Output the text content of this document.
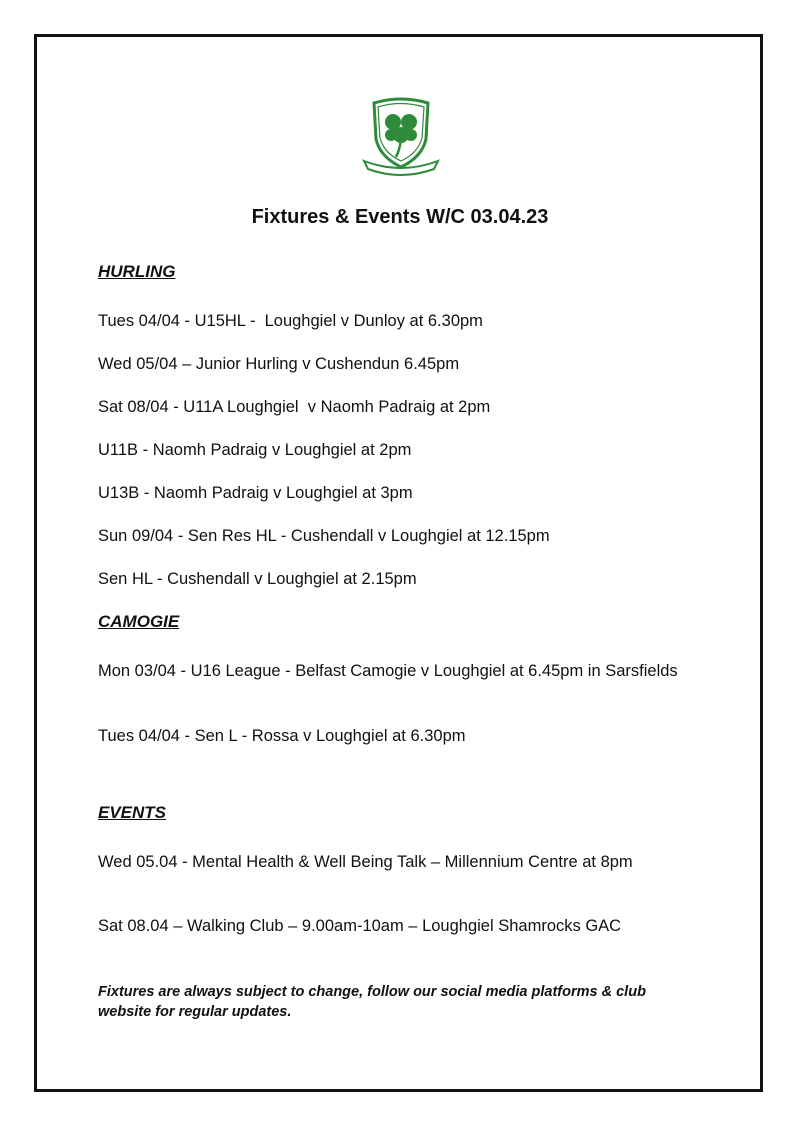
Fixtures & Events W/C 03.04.23
HURLING

Tues 04/04 - U15HL -  Loughgiel v Dunloy at 6.30pm

Wed 05/04 – Junior Hurling v Cushendun 6.45pm

Sat 08/04 - U11A Loughgiel  v Naomh Padraig at 2pm

U11B - Naomh Padraig v Loughgiel at 2pm

U13B - Naomh Padraig v Loughgiel at 3pm

Sun 09/04 - Sen Res HL - Cushendall v Loughgiel at 12.15pm

Sen HL - Cushendall v Loughgiel at 2.15pm

CAMOGIE

Mon 03/04 - U16 League - Belfast Camogie v Loughgiel at 6.45pm in Sarsfields

Tues 04/04 - Sen L - Rossa v Loughgiel at 6.30pm

EVENTS

Wed 05.04 - Mental Health & Well Being Talk – Millennium Centre at 8pm

Sat 08.04 – Walking Club – 9.00am-10am – Loughgiel Shamrocks GAC

Fixtures are always subject to change, follow our social media platforms & club website for regular updates.
